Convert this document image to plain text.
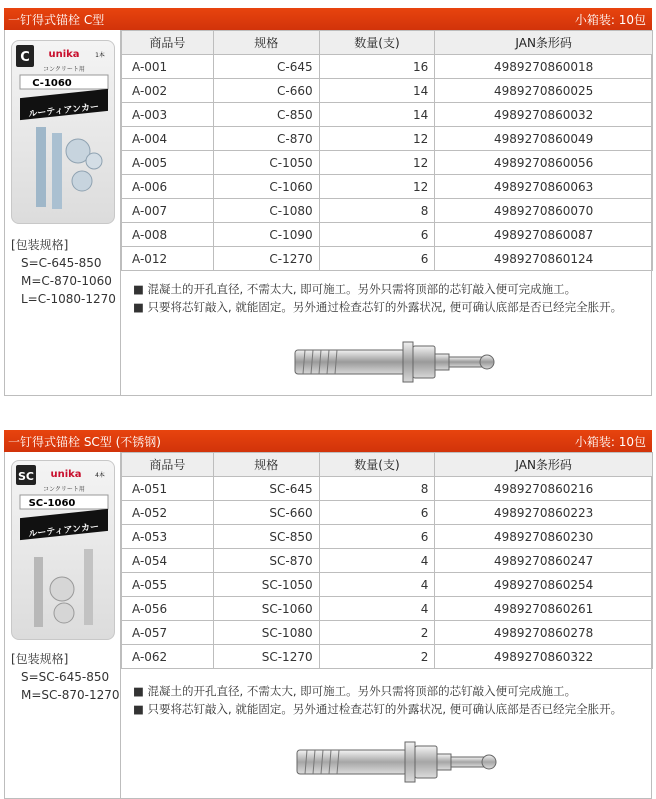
一钉得式锚栓 C型	小箱装: 10包
C unika	1本
コンクリート用
C-1060
ルーティアンカー
[包装规格]
S=C-645-850
M=C-870-1060
L=C-1080-1270
商品号	规格	数量(支)	JAN条形码
A-001	C-645	16	4989270860018
A-002	C-660	14	4989270860025
A-003	C-850	14	4989270860032
A-004	C-870	12	4989270860049
A-005	C-1050	12	4989270860056
A-006	C-1060	12	4989270860063
A-007	C-1080	8	4989270860070
A-008	C-1090	6	4989270860087
A-012	C-1270	6	4989270860124
■ 混凝土的开孔直径, 不需太大, 即可施工。另外只需将顶部的芯钉敲入便可完成施工。
■ 只要将芯钉敲入, 就能固定。另外通过检查芯钉的外露状况, 便可确认底部是否已经完全胀开。
一钉得式锚栓 SC型 (不锈钢)	小箱装: 10包
SC unika 4本
コンクリート用
SC-1060
ルーティアンカー
[包装规格]
S=SC-645-850
M=SC-870-1270
商品号	规格	数量(支)	JAN条形码
A-051	SC-645	8	4989270860216
A-052	SC-660	6	4989270860223
A-053	SC-850	6	4989270860230
A-054	SC-870	4	4989270860247
A-055	SC-1050	4	4989270860254
A-056	SC-1060	4	4989270860261
A-057	SC-1080	2	4989270860278
A-062	SC-1270	2	4989270860322
■ 混凝土的开孔直径, 不需太大, 即可施工。另外只需将顶部的芯钉敲入便可完成施工。
■ 只要将芯钉敲入, 就能固定。另外通过检查芯钉的外露状况, 便可确认底部是否已经完全胀开。
